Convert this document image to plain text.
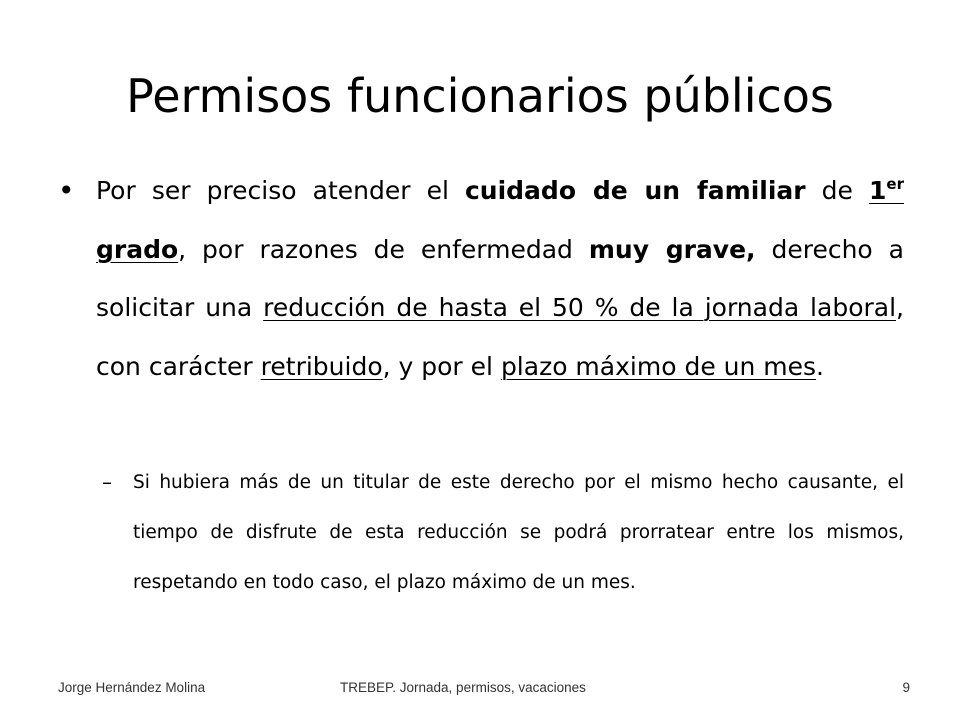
Permisos funcionarios públicos
• Por ser preciso atender el cuidado de un familiar de 1er grado, por razones de enfermedad muy grave, derecho a solicitar una reducción de hasta el 50 % de la jornada laboral, con carácter retribuido, y por el plazo máximo de un mes.
–	Si hubiera más de un titular de este derecho por el mismo hecho causante, el tiempo de disfrute de esta reducción se podrá prorratear entre los mismos, respetando en todo caso, el plazo máximo de un mes.
Jorge Hernández Molina	TREBEP. Jornada, permisos, vacaciones	9
